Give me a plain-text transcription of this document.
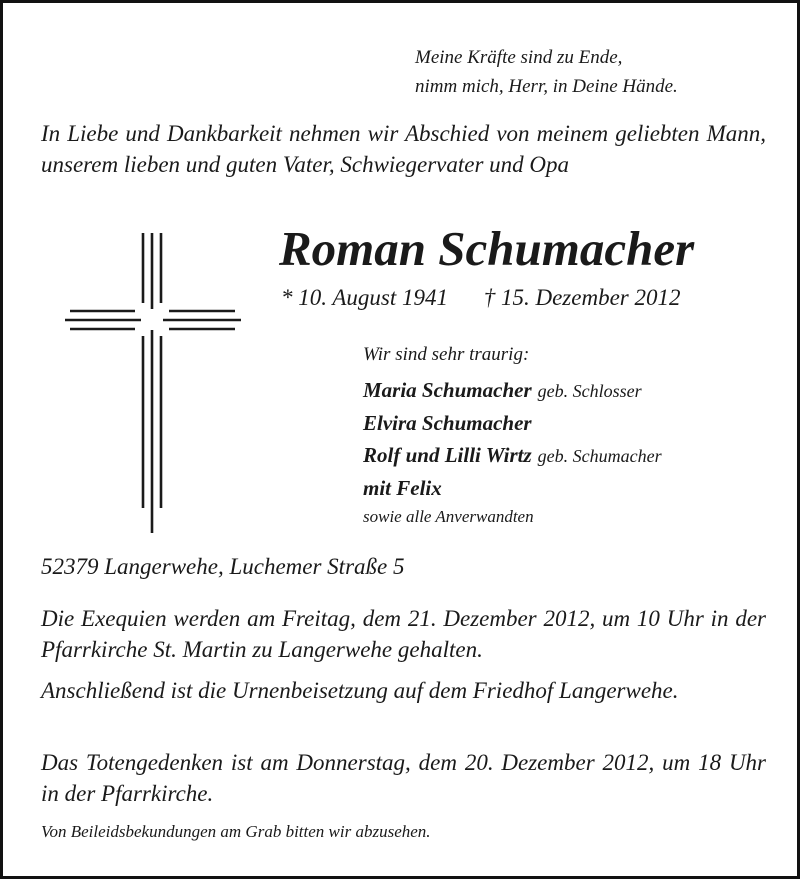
Meine Kräfte sind zu Ende,
nimm mich, Herr, in Deine Hände.
In Liebe und Dankbarkeit nehmen wir Abschied von meinem geliebten Mann, unserem lieben und guten Vater, Schwiegervater und Opa
Roman Schumacher
* 10. August 1941 † 15. Dezember 2012
Wir sind sehr traurig:
Maria Schumacher geb. Schlosser
Elvira Schumacher
Rolf und Lilli Wirtz geb. Schumacher
mit Felix
sowie alle Anverwandten
52379 Langerwehe, Luchemer Straße 5
Die Exequien werden am Freitag, dem 21. Dezember 2012, um 10 Uhr in der Pfarrkirche St. Martin zu Langerwehe gehalten.
Anschließend ist die Urnenbeisetzung auf dem Friedhof Langerwehe.
Das Totengedenken ist am Donnerstag, dem 20. Dezember 2012, um 18 Uhr in der Pfarrkirche.
Von Beileidsbekundungen am Grab bitten wir abzusehen.
